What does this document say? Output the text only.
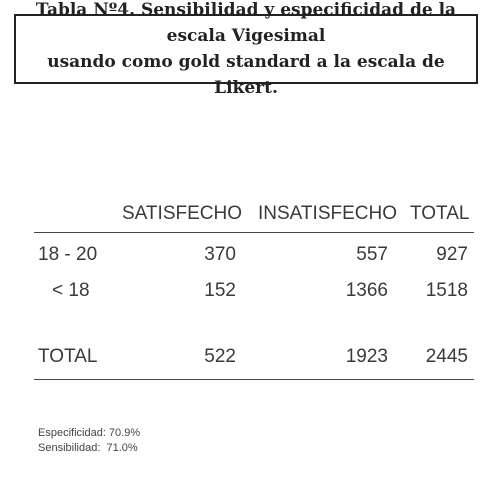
Tabla Nº4. Sensibilidad y especificidad de la escala Vigesimal
usando como gold standard a la escala de Likert.
SATISFECHO INSATISFECHO TOTAL
18 - 20	370	557	927
< 18	152	1366 1518
TOTAL	522	1923 2445
Especificidad: 70.9%
Sensibilidad:  71.0%
